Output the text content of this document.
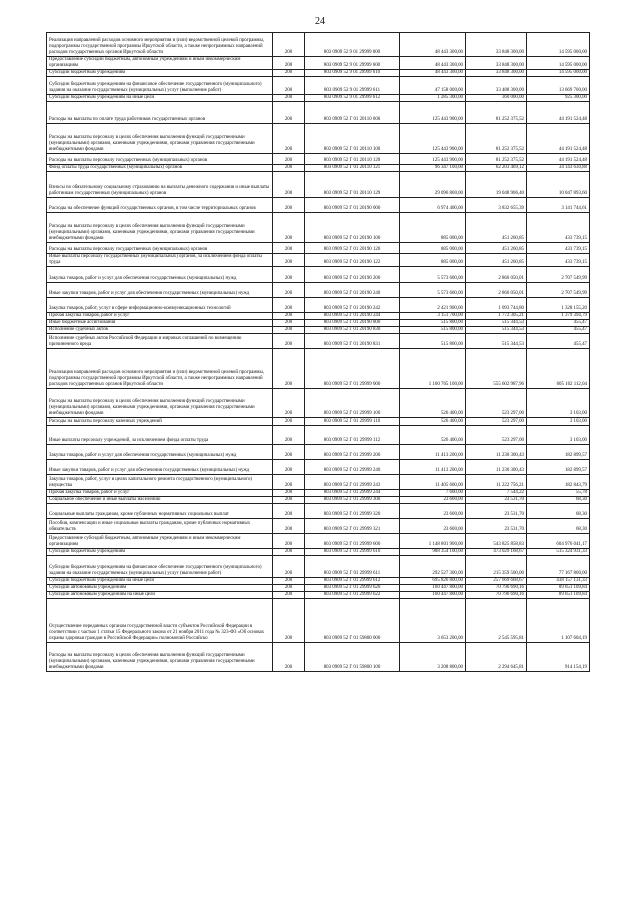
24
Реализация направлений расходов основного мероприятия и (или) ведомственной целевой программы, подпрограммы государственной программы Иркутской области, а также непрограммных направлений расходов государственных органов Иркутской области	200	803 0909 52 9 01 29999 000	48 443 300,00	33 848 300,00	14 595 000,00
Предоставление субсидий бюджетным, автономным учреждениям и иным некоммерческим организациям	200	803 0909 52 9 01 29999 600	48 443 300,00	33 848 300,00	14 595 000,00
Субсидии бюджетным учреждениям	200	803 0909 52 9 01 29999 610	48 443 300,00	33 848 300,00	14 595 000,00
Субсидии бюджетным учреждениям на финансовое обеспечение государственного (муниципального) задания на оказание государственных (муниципальных) услуг (выполнение работ)	200	803 0909 52 9 01 29999 611	47 158 000,00	33 488 300,00	13 669 700,00
Субсидии бюджетным учреждениям на иные цели	200	803 0909 52 9 01 29999 612	1 285 300,00	360 000,00	925 300,00
Расходы на выплаты по оплате труда работников государственных органов	200	803 0909 52 Г 01 20110 000	125 443 900,00	81 252 375,52	44 191 524,48
Расходы на выплаты персоналу в целях обеспечения выполнения функций государственными (муниципальными) органами, казенными учреждениями, органами управления государственными внебюджетными фондами	200	803 0909 52 Г 01 20110 100	125 443 900,00	81 252 375,52	44 191 524,48
Расходы на выплаты персоналу государственных (муниципальных) органов	200	803 0909 52 Г 01 20110 120	125 443 900,00	81 252 375,52	44 191 524,48
Фонд оплаты труда государственных (муниципальных) органов	200	803 0909 52 Г 01 20110 121	96 347 100,00	62 203 469,12	34 143 630,88
Взносы по обязательному социальному страхованию на выплаты денежного содержания и иные выплаты работникам государственных (муниципальных) органов	200	803 0909 52 Г 01 20110 129	29 096 800,00	19 048 906,40	10 047 893,60
Расходы на обеспечение функций государственных органов, в том числе территориальных органов	200	803 0909 52 Г 01 20190 000	6 974 400,00	3 832 655,39	3 141 744,61
Расходы на выплаты персоналу в целях обеспечения выполнения функций государственными (муниципальными) органами, казенными учреждениями, органами управления государственными внебюджетными фондами	200	803 0909 52 Г 01 20190 100	885 000,00	451 260,85	433 739,15
Расходы на выплаты персоналу государственных (муниципальных) органов	200	803 0909 52 Г 01 20190 120	885 000,00	451 260,85	433 739,15
Иные выплаты персоналу государственных (муниципальных) органов, за исключением фонда оплаты труда	200	803 0909 52 Г 01 20190 122	885 000,00	451 260,85	433 739,15
Закупка товаров, работ и услуг для обеспечения государственных (муниципальных) нужд	200	803 0909 52 Г 01 20190 200	5 573 600,00	2 866 050,01	2 707 549,99
Иные закупки товаров, работ и услуг для обеспечения государственных (муниципальных) нужд	200	803 0909 52 Г 01 20190 240	5 573 600,00	2 866 050,01	2 707 549,99
Закупка товаров, работ, услуг в сфере информационно-коммуникационных технологий	200	803 0909 52 Г 01 20190 242	2 421 900,00	1 093 744,80	1 328 155,20
Прочая закупка товаров, работ и услуг	200	803 0909 52 Г 01 20190 244	3 151 700,00	1 772 305,21	1 379 394,79
Иные бюджетные ассигнования	200	803 0909 52 Г 01 20190 800	515 800,00	515 344,53	455,47
Исполнение судебных актов	200	803 0909 52 Г 01 20190 830	515 800,00	515 344,53	455,47
Исполнение судебных актов Российской Федерации и мировых соглашений по возмещению причиненного вреда	200	803 0909 52 Г 01 20190 831	515 800,00	515 344,53	455,47
Реализация направлений расходов основного мероприятия и (или) ведомственной целевой программы, подпрограммы государственной программы Иркутской области, а также непрограммных направлений расходов государственных органов Иркутской области	200	803 0909 52 Г 01 29999 000	1 160 765 100,00	555 602 987,96	605 162 112,04
Расходы на выплаты персоналу в целях обеспечения выполнения функций государственными (муниципальными) органами, казенными учреждениями, органами управления государственными внебюджетными фондами	200	803 0909 52 Г 01 29999 100	526 400,00	523 297,00	3 103,00
Расходы на выплаты персоналу казенных учреждений	200	803 0909 52 Г 01 29999 110	526 400,00	523 297,00	3 103,00
Иные выплаты персоналу учреждений, за исключением фонда оплаты труда	200	803 0909 52 Г 01 29999 112	526 400,00	523 297,00	3 103,00
Закупка товаров, работ и услуг для обеспечения государственных (муниципальных) нужд	200	803 0909 52 Г 01 29999 200	11 413 200,00	11 230 300,43	182 899,57
Иные закупки товаров, работ и услуг для обеспечения государственных (муниципальных) нужд	200	803 0909 52 Г 01 29999 240	11 413 200,00	11 230 300,43	182 899,57
Закупка товаров, работ, услуг в целях капитального ремонта государственного (муниципального) имущества	200	803 0909 52 Г 01 29999 243	11 405 600,00	11 222 756,21	182 843,79
Прочая закупка товаров, работ и услуг	200	803 0909 52 Г 01 29999 244	7 600,00	7 544,22	55,78
Социальное обеспечение и иные выплаты населению	200	803 0909 52 Г 01 29999 300	23 600,00	23 531,70	68,30
Социальные выплаты гражданам, кроме публичных нормативных социальных выплат	200	803 0909 52 Г 01 29999 320	23 600,00	23 531,70	68,30
Пособия, компенсации и иные социальные выплаты гражданам, кроме публичных нормативных обязательств	200	803 0909 52 Г 01 29999 321	23 600,00	23 531,70	68,30
Предоставление субсидий бюджетным, автономным учреждениям и иным некоммерческим организациям	200	803 0909 52 Г 01 29999 600	1 148 801 900,00	543 825 858,83	604 976 041,17
Субсидии бюджетным учреждениям	200	803 0909 52 Г 01 29999 610	988 354 100,00	473 029 168,67	515 324 931,33
Субсидии бюджетным учреждениям на финансовое обеспечение государственного (муниципального) задания на оказание государственных (муниципальных) услуг (выполнение работ)	200	803 0909 52 Г 01 29999 611	292 527 300,00	215 359 500,00	77 167 800,00
Субсидии бюджетным учреждениям на иные цели	200	803 0909 52 Г 01 29999 612	695 826 800,00	257 669 668,67	438 157 131,33
Субсидии автономным учреждениям	200	803 0909 52 Г 01 29999 620	160 447 800,00	70 796 690,16	89 651 109,84
Субсидии автономным учреждениям на иные цели	200	803 0909 52 Г 01 29999 622	160 447 800,00	70 796 690,16	89 651 109,84
Осуществление переданных органам государственной власти субъектов Российской Федерации в соответствии с частью 1 статьи 15 Федерального закона от 21 ноября 2011 года № 323-ФЗ «Об основах охраны здоровья граждан в Российской Федерации» полномочий Российско	200	803 0909 52 Г 01 59800 000	3 653 200,00	2 545 595,81	1 107 604,19
Расходы на выплаты персоналу в целях обеспечения выполнения функций государственными (муниципальными) органами, казенными учреждениями, органами управления государственными внебюджетными фондами	200	803 0909 52 Г 01 59800 100	3 208 800,00	2 294 645,81	914 154,19
